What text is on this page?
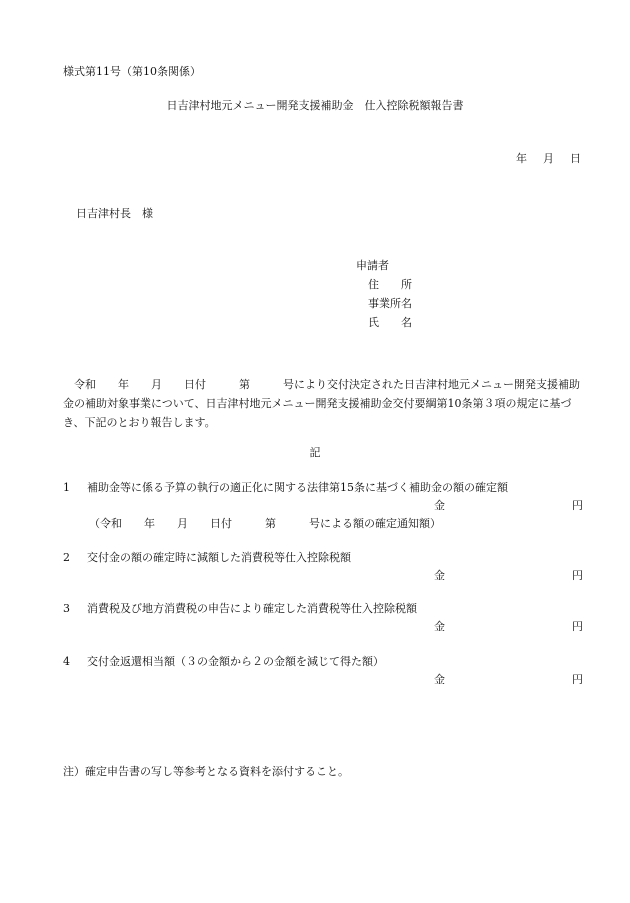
様式第11号（第10条関係）
日吉津村地元メニュー開発支援補助金　仕入控除税額報告書
年 月 日
日吉津村長　様
申請者
住　　所
事業所名
氏　　名
　令和　　年　　月　　日付　　　第　　　号により交付決定された日吉津村地元メニュー開発支援補助金の補助対象事業について、日吉津村地元メニュー開発支援補助金交付要綱第10条第３項の規定に基づき、下記のとおり報告します。
記
1 補助金等に係る予算の執行の適正化に関する法律第15条に基づく補助金の額の確定額
金	円
（令和　　年　　月　　日付　　　第　　　号による額の確定通知額）
2 交付金の額の確定時に減額した消費税等仕入控除税額
金	円
3 消費税及び地方消費税の申告により確定した消費税等仕入控除税額
金	円
4 交付金返還相当額（３の金額から２の金額を減じて得た額）
金	円
注）確定申告書の写し等参考となる資料を添付すること。
